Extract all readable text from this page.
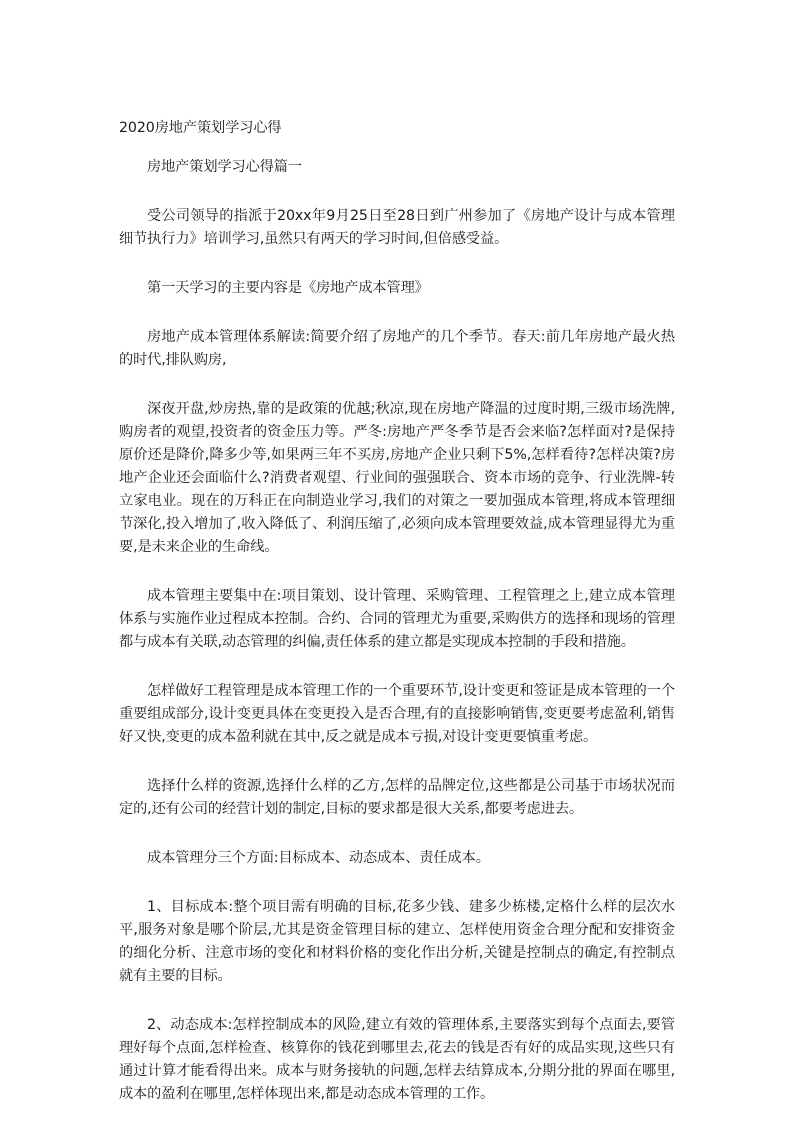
2020房地产策划学习心得

房地产策划学习心得篇一

受公司领导的指派于20xx年9月25日至28日到广州参加了《房地产设计与成本管理细节执行力》培训学习,虽然只有两天的学习时间,但倍感受益。

第一天学习的主要内容是《房地产成本管理》

房地产成本管理体系解读:简要介绍了房地产的几个季节。春天:前几年房地产最火热的时代,排队购房,

深夜开盘,炒房热,靠的是政策的优越;秋凉,现在房地产降温的过度时期,三级市场洗牌,购房者的观望,投资者的资金压力等。严冬:房地产严冬季节是否会来临?怎样面对?是保持原价还是降价,降多少等,如果两三年不买房,房地产企业只剩下5%,怎样看待?怎样决策?房地产企业还会面临什么?消费者观望、行业间的强强联合、资本市场的竞争、行业洗牌-转立家电业。现在的万科正在向制造业学习,我们的对策之一要加强成本管理,将成本管理细节深化,投入增加了,收入降低了、利润压缩了,必须向成本管理要效益,成本管理显得尤为重要,是未来企业的生命线。

成本管理主要集中在:项目策划、设计管理、采购管理、工程管理之上,建立成本管理体系与实施作业过程成本控制。合约、合同的管理尤为重要,采购供方的选择和现场的管理都与成本有关联,动态管理的纠偏,责任体系的建立都是实现成本控制的手段和措施。

怎样做好工程管理是成本管理工作的一个重要环节,设计变更和签证是成本管理的一个重要组成部分,设计变更具体在变更投入是否合理,有的直接影响销售,变更要考虑盈利,销售好又快,变更的成本盈利就在其中,反之就是成本亏损,对设计变更要慎重考虑。

选择什么样的资源,选择什么样的乙方,怎样的品牌定位,这些都是公司基于市场状况而定的,还有公司的经营计划的制定,目标的要求都是很大关系,都要考虑进去。

成本管理分三个方面:目标成本、动态成本、责任成本。

1、目标成本:整个项目需有明确的目标,花多少钱、建多少栋楼,定格什么样的层次水平,服务对象是哪个阶层,尤其是资金管理目标的建立、怎样使用资金合理分配和安排资金的细化分析、注意市场的变化和材料价格的变化作出分析,关键是控制点的确定,有控制点就有主要的目标。

2、动态成本:怎样控制成本的风险,建立有效的管理体系,主要落实到每个点面去,要管理好每个点面,怎样检查、核算你的钱花到哪里去,花去的钱是否有好的成品实现,这些只有通过计算才能看得出来。成本与财务接轨的问题,怎样去结算成本,分期分批的界面在哪里,成本的盈利在哪里,怎样体现出来,都是动态成本管理的工作。
